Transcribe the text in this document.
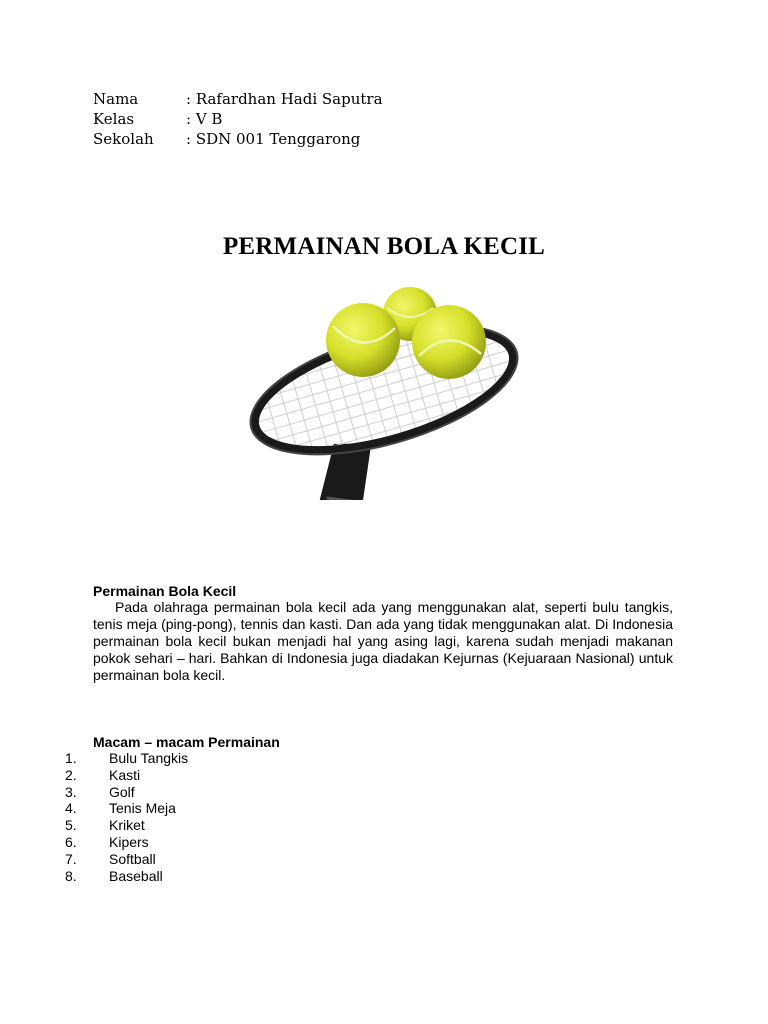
Nama	: Rafardhan Hadi Saputra
Kelas	: V B
Sekolah	: SDN 001 Tenggarong
PERMAINAN BOLA KECIL

Permainan Bola Kecil

Pada olahraga permainan bola kecil ada yang menggunakan alat, seperti bulu tangkis, tenis meja (ping-pong), tennis dan kasti. Dan ada yang tidak menggunakan alat. Di Indonesia permainan bola kecil bukan menjadi hal yang asing lagi, karena sudah menjadi makanan pokok sehari – hari. Bahkan di Indonesia juga diadakan Kejurnas (Kejuaraan Nasional) untuk permainan bola kecil.

Macam – macam Permainan

1.	Bulu Tangkis
2.	Kasti
3.	Golf
4.	Tenis Meja
5.	Kriket
6.	Kipers
7.	Softball
8.	Baseball
